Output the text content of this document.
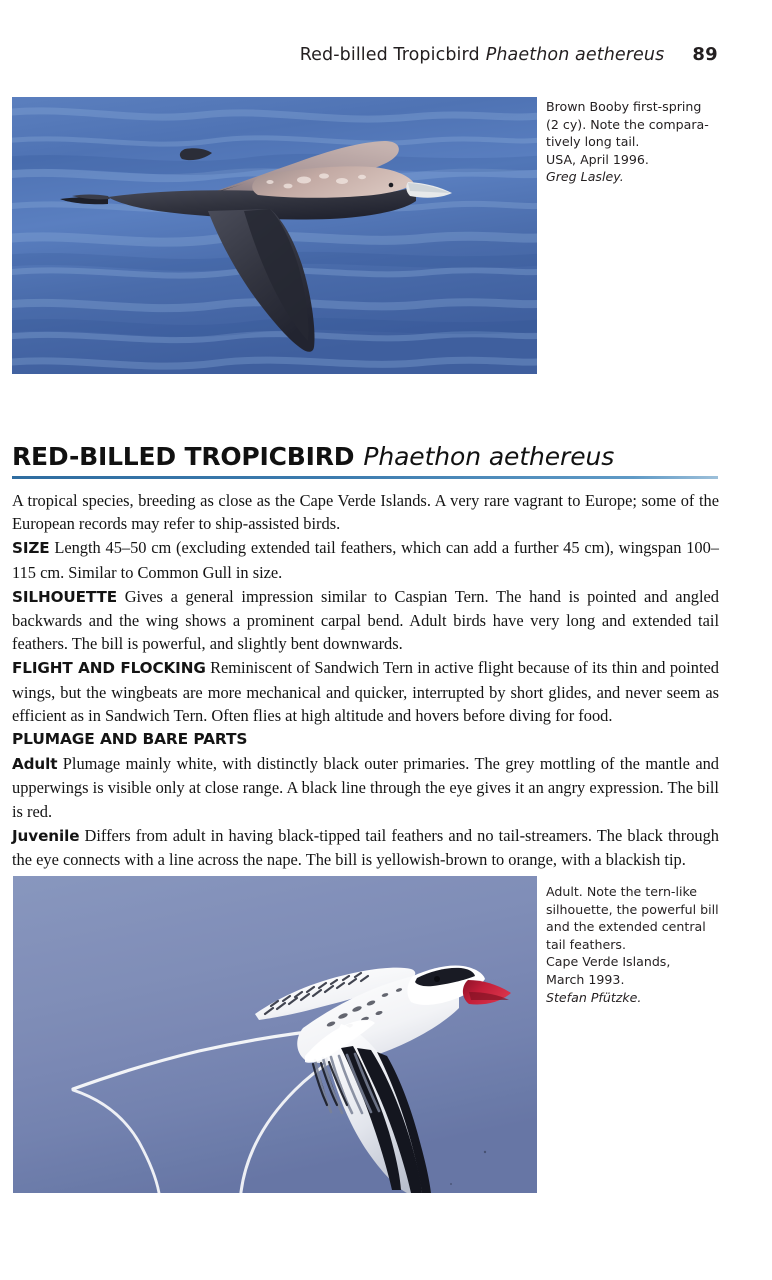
Red-billed Tropicbird Phaethon aethereus 89
Brown Booby first-spring
(2 cy). Note the compara-
tively long tail.
USA, April 1996.
Greg Lasley.
RED-BILLED TROPICBIRD Phaethon aethereus

A tropical species, breeding as close as the Cape Verde Islands. A very rare vagrant to Europe; some of the European records may refer to ship-assisted birds.

SIZE Length 45–50 cm (excluding extended tail feathers, which can add a further 45 cm), wingspan 100–115 cm. Similar to Common Gull in size.

SILHOUETTE Gives a general impression similar to Caspian Tern. The hand is pointed and angled backwards and the wing shows a prominent carpal bend. Adult birds have very long and extended tail feathers. The bill is powerful, and slightly bent downwards.

FLIGHT AND FLOCKING Reminiscent of Sandwich Tern in active flight because of its thin and pointed wings, but the wingbeats are more mechanical and quicker, interrupted by short glides, and never seem as efficient as in Sandwich Tern. Often flies at high altitude and hovers before diving for food.

PLUMAGE AND BARE PARTS

Adult Plumage mainly white, with distinctly black outer primaries. The grey mottling of the mantle and upperwings is visible only at close range. A black line through the eye gives it an angry expression. The bill is red.

Juvenile Differs from adult in having black-tipped tail feathers and no tail-streamers. The black through the eye connects with a line across the nape. The bill is yellowish-brown to orange, with a blackish tip.

Adult. Note the tern-like
silhouette, the powerful bill
and the extended central
tail feathers.
Cape Verde Islands,
March 1993.
Stefan Pfützke.
